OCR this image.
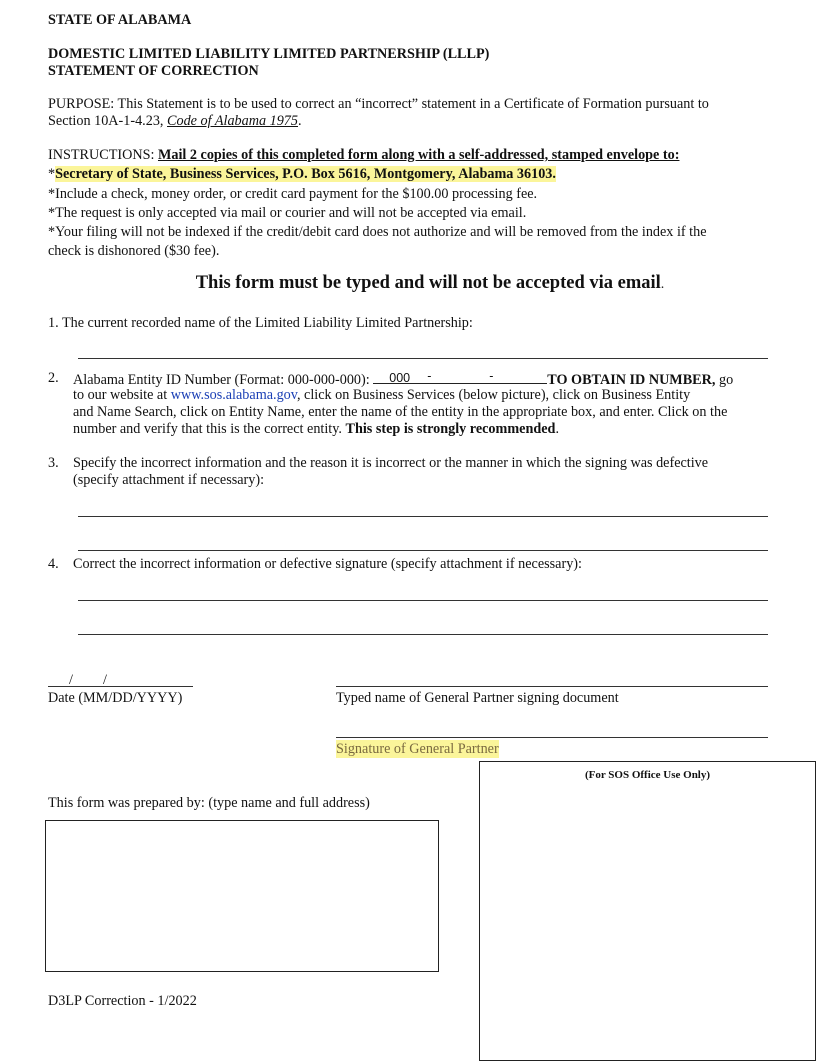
STATE OF ALABAMA
DOMESTIC LIMITED LIABILITY LIMITED PARTNERSHIP (LLLP)
STATEMENT OF CORRECTION
PURPOSE: This Statement is to be used to correct an “incorrect” statement in a Certificate of Formation pursuant to
Section 10A-1-4.23, Code of Alabama 1975.
INSTRUCTIONS: Mail 2 copies of this completed form along with a self-addressed, stamped envelope to:
*Secretary of State, Business Services, P.O. Box 5616, Montgomery, Alabama 36103.
*Include a check, money order, or credit card payment for the $100.00 processing fee.
*The request is only accepted via mail or courier and will not be accepted via email.
*Your filing will not be indexed if the credit/debit card does not authorize and will be removed from the index if the
check is dishonored ($30 fee).
This form must be typed and will not be accepted via email.
1. The current recorded name of the Limited Liability Limited Partnership:
2. Alabama Entity ID Number (Format: 000-000-000): 000 -	-	TO OBTAIN ID NUMBER, go
to our website at www.sos.alabama.gov, click on Business Services (below picture), click on Business Entity
and Name Search, click on Entity Name, enter the name of the entity in the appropriate box, and enter. Click on the
number and verify that this is the correct entity. This step is strongly recommended.
3. Specify the incorrect information and the reason it is incorrect or the manner in which the signing was defective
(specify attachment if necessary):
4. Correct the incorrect information or defective signature (specify attachment if necessary):
/ /
Date (MM/DD/YYYY)	Typed name of General Partner signing document
Signature of General Partner
(For SOS Office Use Only)
This form was prepared by: (type name and full address)
D3LP Correction - 1/2022
